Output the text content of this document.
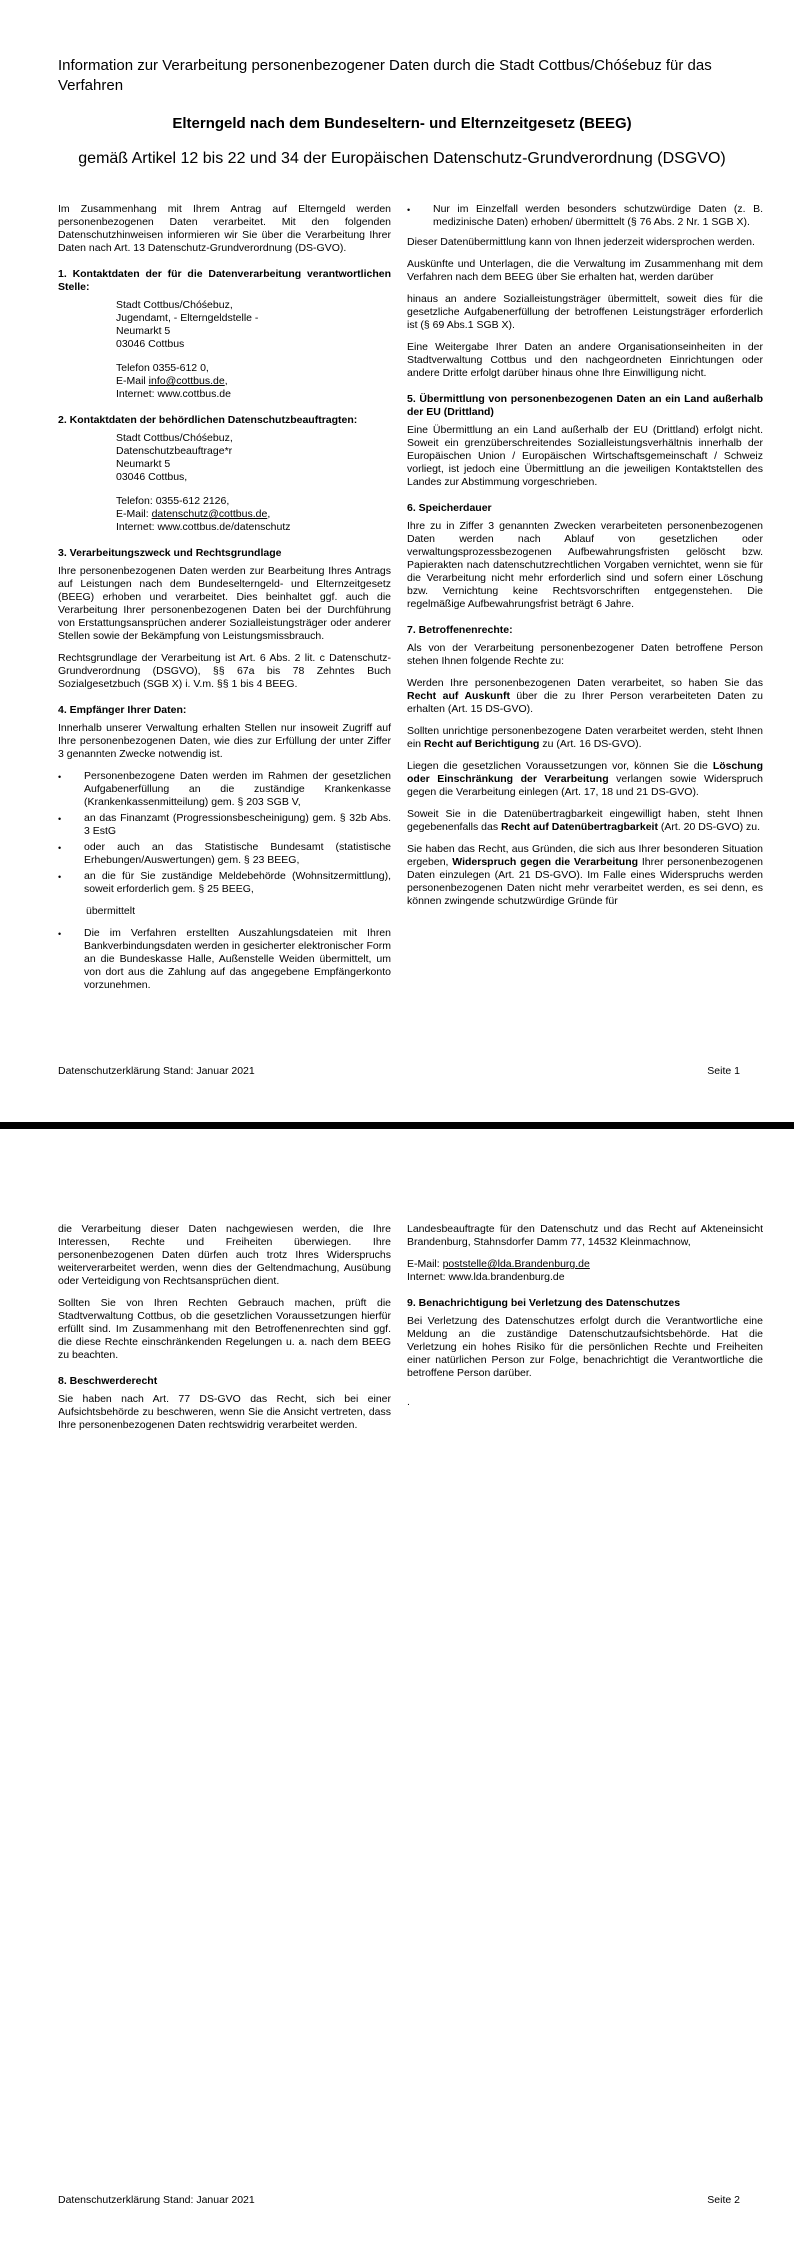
Information zur Verarbeitung personenbezogener Daten durch die Stadt Cottbus/Chóśebuz für das Verfahren
Elterngeld nach dem Bundeseltern- und Elternzeitgesetz (BEEG)
gemäß Artikel 12 bis 22 und 34 der Europäischen Datenschutz-Grundverordnung (DSGVO)

Im Zusammenhang mit Ihrem Antrag auf Elterngeld werden personenbezogenen Daten verarbeitet. Mit den folgenden Datenschutzhinweisen informieren wir Sie über die Verarbeitung Ihrer Daten nach Art. 13 Datenschutz-Grundverordnung (DS-GVO).

1. Kontaktdaten der für die Datenverarbeitung verantwortlichen Stelle:
Stadt Cottbus/Chóśebuz,
Jugendamt, - Elterngeldstelle -
Neumarkt 5
03046 Cottbus
Telefon 0355-612 0,
E-Mail info@cottbus.de,
Internet: www.cottbus.de
2. Kontaktdaten der behördlichen Datenschutzbeauftragten:
Stadt Cottbus/Chóśebuz,
Datenschutzbeauftrage*r
Neumarkt 5
03046 Cottbus,
Telefon: 0355-612 2126,
E-Mail: datenschutz@cottbus.de,
Internet: www.cottbus.de/datenschutz
3. Verarbeitungszweck und Rechtsgrundlage

Ihre personenbezogenen Daten werden zur Bearbeitung Ihres Antrags auf Leistungen nach dem Bundeselterngeld- und Elternzeitgesetz (BEEG) erhoben und verarbeitet. Dies beinhaltet ggf. auch die Verarbeitung Ihrer personenbezogenen Daten bei der Durchführung von Erstattungsansprüchen anderer Sozialleistungsträger oder anderer Stellen sowie der Bekämpfung von Leistungsmissbrauch.

Rechtsgrundlage der Verarbeitung ist Art. 6 Abs. 2 lit. c Datenschutz-Grundverordnung (DSGVO), §§ 67a bis 78 Zehntes Buch Sozialgesetzbuch (SGB X) i. V.m. §§ 1 bis 4 BEEG.

4. Empfänger Ihrer Daten:

Innerhalb unserer Verwaltung erhalten Stellen nur insoweit Zugriff auf Ihre personenbezogenen Daten, wie dies zur Erfüllung der unter Ziffer 3 genannten Zwecke notwendig ist.

•	Personenbezogene Daten werden im Rahmen der gesetzlichen Aufgabenerfüllung an die zuständige Krankenkasse (Krankenkassenmitteilung) gem. § 203 SGB V,
•	an das Finanzamt (Progressionsbescheinigung) gem. § 32b Abs. 3 EstG
•	oder auch an das Statistische Bundesamt (statistische Erhebungen/Auswertungen) gem. § 23 BEEG,
•	an die für Sie zuständige Meldebehörde (Wohnsitzermittlung), soweit erforderlich gem. § 25 BEEG,
übermittelt
•	Die im Verfahren erstellten Auszahlungsdateien mit Ihren Bankverbindungsdaten werden in gesicherter elektronischer Form an die Bundeskasse Halle, Außenstelle Weiden übermittelt, um von dort aus die Zahlung auf das angegebene Empfängerkonto vorzunehmen.
•	Nur im Einzelfall werden besonders schutzwürdige Daten (z. B. medizinische Daten) erhoben/ übermittelt (§ 76 Abs. 2 Nr. 1 SGB X).

Dieser Datenübermittlung kann von Ihnen jederzeit widersprochen werden.

Auskünfte und Unterlagen, die die Verwaltung im Zusammenhang mit dem Verfahren nach dem BEEG über Sie erhalten hat, werden darüber

hinaus an andere Sozialleistungsträger übermittelt, soweit dies für die gesetzliche Aufgabenerfüllung der betroffenen Leistungsträger erforderlich ist (§ 69 Abs.1 SGB X).

Eine Weitergabe Ihrer Daten an andere Organisationseinheiten in der Stadtverwaltung Cottbus und den nachgeordneten Einrichtungen oder andere Dritte erfolgt darüber hinaus ohne Ihre Einwilligung nicht.

5. Übermittlung von personenbezogenen Daten an ein Land außerhalb der EU (Drittland)

Eine Übermittlung an ein Land außerhalb der EU (Drittland) erfolgt nicht. Soweit ein grenzüberschreitendes Sozialleistungsverhältnis innerhalb der Europäischen Union / Europäischen Wirtschaftsgemeinschaft / Schweiz vorliegt, ist jedoch eine Übermittlung an die jeweiligen Kontaktstellen des Landes zur Abstimmung vorgeschrieben.

6. Speicherdauer

Ihre zu in Ziffer 3 genannten Zwecken verarbeiteten personenbezogenen Daten werden nach Ablauf von gesetzlichen oder verwaltungsprozessbezogenen Aufbewahrungsfristen gelöscht bzw. Papierakten nach datenschutzrechtlichen Vorgaben vernichtet, wenn sie für die Verarbeitung nicht mehr erforderlich sind und sofern einer Löschung bzw. Vernichtung keine Rechtsvorschriften entgegenstehen. Die regelmäßige Aufbewahrungsfrist beträgt 6 Jahre.

7. Betroffenenrechte:

Als von der Verarbeitung personenbezogener Daten betroffene Person stehen Ihnen folgende Rechte zu:

Werden Ihre personenbezogenen Daten verarbeitet, so haben Sie das Recht auf Auskunft über die zu Ihrer Person verarbeiteten Daten zu erhalten (Art. 15 DS-GVO).

Sollten unrichtige personenbezogene Daten verarbeitet werden, steht Ihnen ein Recht auf Berichtigung zu (Art. 16 DS-GVO).

Liegen die gesetzlichen Voraussetzungen vor, können Sie die Löschung oder Einschränkung der Verarbeitung verlangen sowie Widerspruch gegen die Verarbeitung einlegen (Art. 17, 18 und 21 DS-GVO).

Soweit Sie in die Datenübertragbarkeit eingewilligt haben, steht Ihnen gegebenenfalls das Recht auf Datenübertragbarkeit (Art. 20 DS-GVO) zu.

Sie haben das Recht, aus Gründen, die sich aus Ihrer besonderen Situation ergeben, Widerspruch gegen die Verarbeitung Ihrer personenbezogenen Daten einzulegen (Art. 21 DS-GVO). Im Falle eines Widerspruchs werden personenbezogenen Daten nicht mehr verarbeitet werden, es sei denn, es können zwingende schutzwürdige Gründe für

Datenschutzerklärung Stand: Januar 2021	Seite 1

die Verarbeitung dieser Daten nachgewiesen werden, die Ihre Interessen, Rechte und Freiheiten überwiegen. Ihre personenbezogenen Daten dürfen auch trotz Ihres Widerspruchs weiterverarbeitet werden, wenn dies der Geltendmachung, Ausübung oder Verteidigung von Rechtsansprüchen dient.

Sollten Sie von Ihren Rechten Gebrauch machen, prüft die Stadtverwaltung Cottbus, ob die gesetzlichen Voraussetzungen hierfür erfüllt sind. Im Zusammenhang mit den Betroffenenrechten sind ggf. die diese Rechte einschränkenden Regelungen u. a. nach dem BEEG zu beachten.

8. Beschwerderecht

Sie haben nach Art. 77 DS-GVO das Recht, sich bei einer Aufsichtsbehörde zu beschweren, wenn Sie die Ansicht vertreten, dass Ihre personenbezogenen Daten rechtswidrig verarbeitet werden.

Landesbeauftragte für den Datenschutz und das Recht auf Akteneinsicht Brandenburg, Stahnsdorfer Damm 77, 14532 Kleinmachnow,

E-Mail: poststelle@lda.Brandenburg.de
Internet: www.lda.brandenburg.de
9. Benachrichtigung bei Verletzung des Datenschutzes

Bei Verletzung des Datenschutzes erfolgt durch die Verantwortliche eine Meldung an die zuständige Datenschutzaufsichtsbehörde. Hat die Verletzung ein hohes Risiko für die persönlichen Rechte und Freiheiten einer natürlichen Person zur Folge, benachrichtigt die Verantwortliche die betroffene Person darüber.

.

Datenschutzerklärung Stand: Januar 2021	Seite 2
